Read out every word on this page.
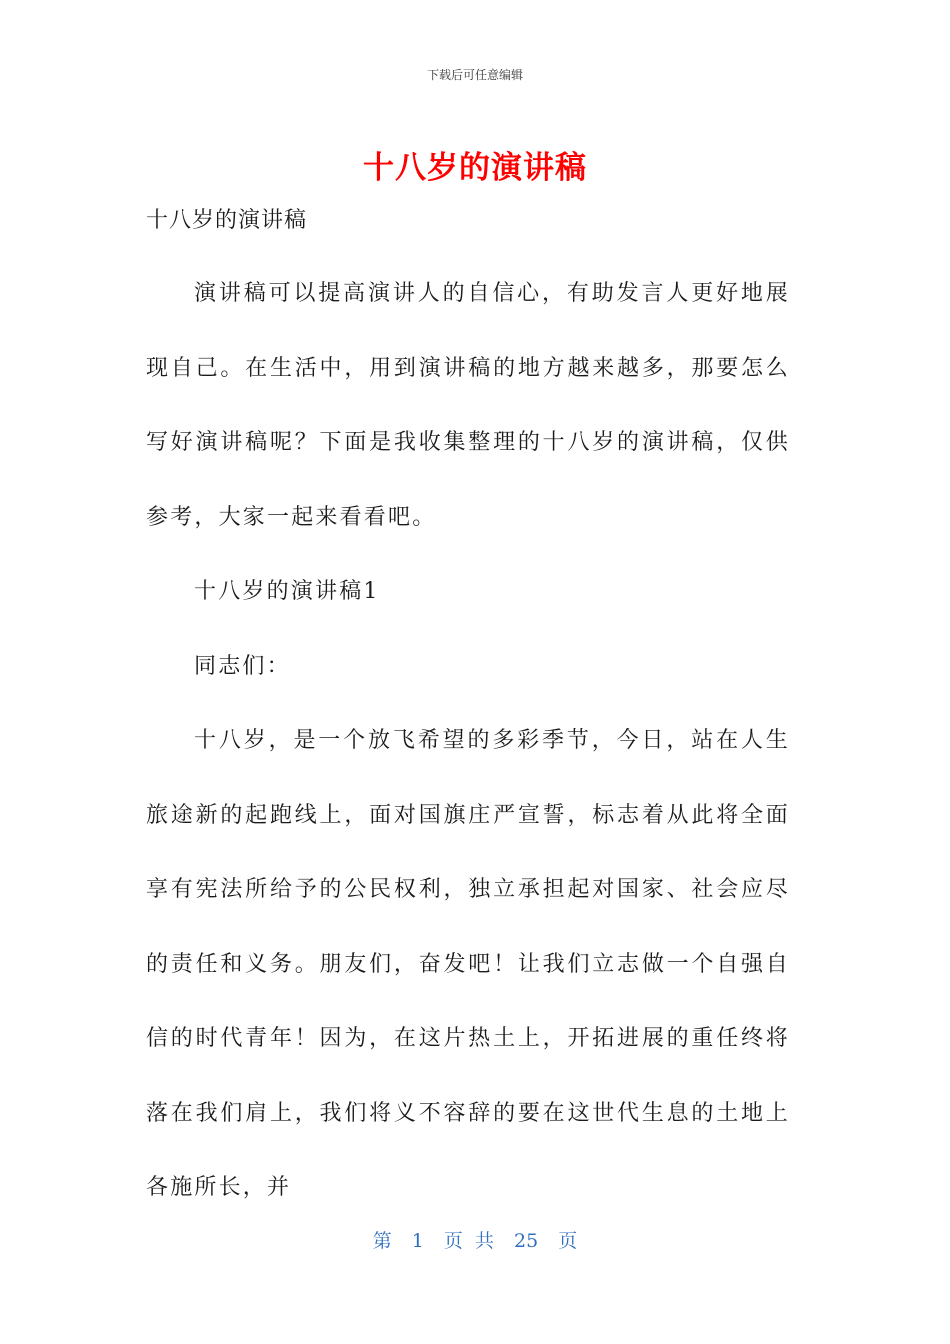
下载后可任意编辑
十八岁的演讲稿
十八岁的演讲稿

演讲稿可以提高演讲人的自信心，有助发言人更好地展现自己。在生活中，用到演讲稿的地方越来越多，那要怎么写好演讲稿呢？下面是我收集整理的十八岁的演讲稿，仅供参考，大家一起来看看吧。

十八岁的演讲稿1

同志们：

十八岁，是一个放飞希望的多彩季节，今日，站在人生旅途新的起跑线上，面对国旗庄严宣誓，标志着从此将全面享有宪法所给予的公民权利，独立承担起对国家、社会应尽的责任和义务。朋友们，奋发吧！让我们立志做一个自强自信的时代青年！因为，在这片热土上，开拓进展的重任终将落在我们肩上，我们将义不容辞的要在这世代生息的土地上各施所长，并

第 1 页 共 25 页
